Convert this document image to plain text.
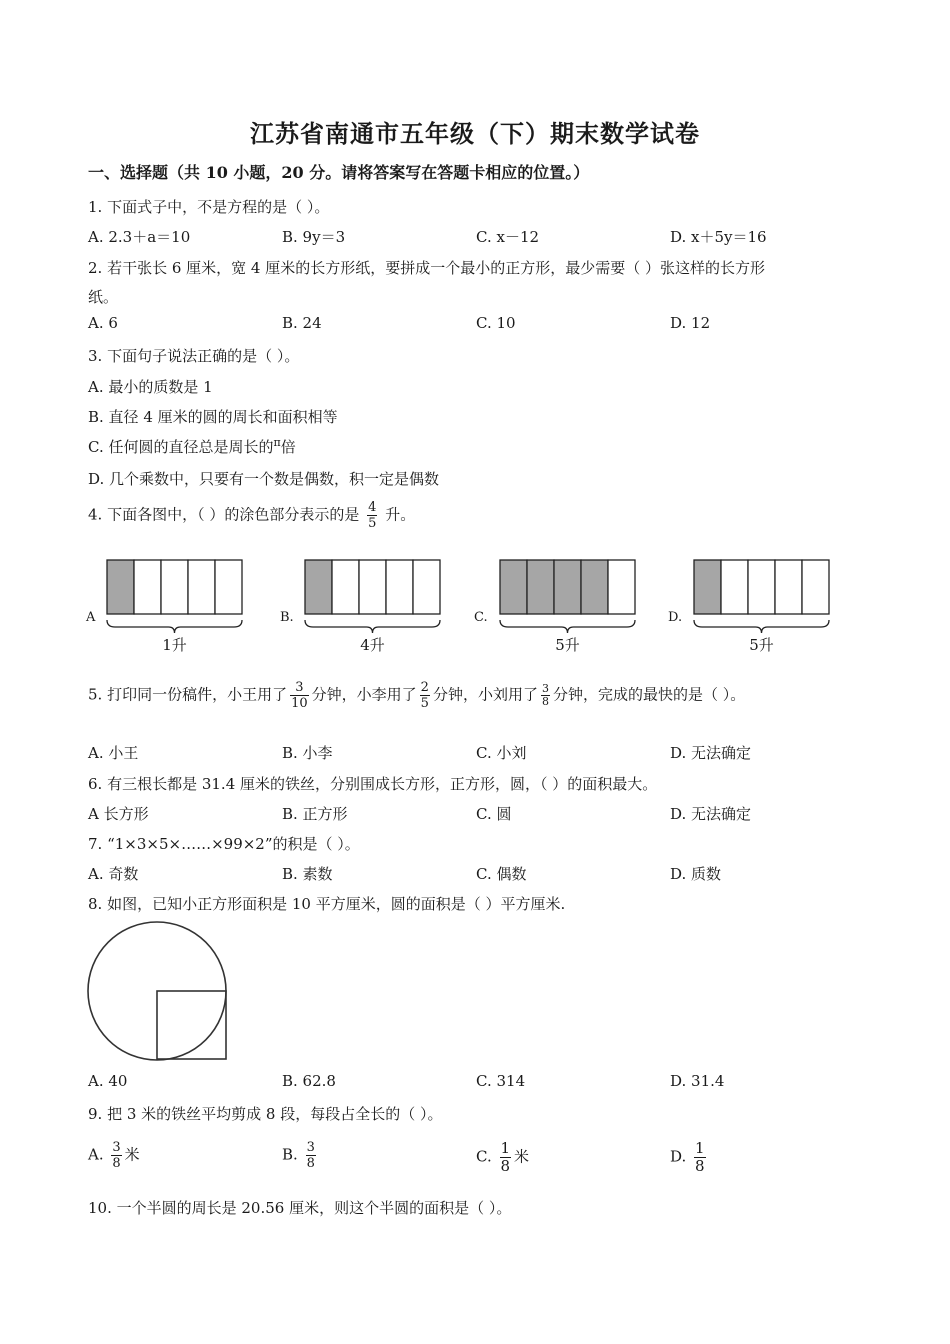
江苏省南通市五年级（下）期末数学试卷
一、选择题（共 10 小题，20 分。请将答案写在答题卡相应的位置。）
1. 下面式子中，不是方程的是（ ）。
A. 2.3＋a＝10	B. 9y＝3	C. x－12	D. x＋5y＝16
2. 若干张长 6 厘米，宽 4 厘米的长方形纸，要拼成一个最小的正方形，最少需要（ ）张这样的长方形
纸。
A. 6	B. 24	C. 10	D. 12
3. 下面句子说法正确的是（ ）。
A. 最小的质数是 1
B. 直径 4 厘米的圆的周长和面积相等
C. 任何圆的直径总是周长的$^\pi$倍
D. 几个乘数中，只要有一个数是偶数，积一定是偶数
4. 下面各图中，（ ）的涂色部分表示的是 $\frac{4}{5}$ 升。
1升
A
4升
B.
5升
C.
5升
D.
5. 打印同一份稿件，小王用了 $\frac{3}{10}$ 分钟，小李用了 $\frac{2}{5}$ 分钟，小刘用了 $\frac{3}{8}$ 分钟，完成的最快的是（ ）。
A. 小王	B. 小李	C. 小刘	D. 无法确定
6. 有三根长都是 31.4 厘米的铁丝，分别围成长方形，正方形，圆，（ ）的面积最大。
A 长方形	B. 正方形	C. 圆	D. 无法确定
7. “1×3×5×……×99×2”的积是（ ）。
A. 奇数	B. 素数	C. 偶数	D. 质数
8. 如图，已知小正方形面积是 10 平方厘米，圆的面积是（ ）平方厘米.
A. 40	B. 62.8	C. 314	D. 31.4
9. 把 3 米的铁丝平均剪成 8 段，每段占全长的（ ）。
A. $\frac{3}{8}$ 米	B. $\frac{3}{8}$	C. $\frac{1}{8}$ 米	D. $\frac{1}{8}$
10. 一个半圆的周长是 20.56 厘米，则这个半圆的面积是（ ）。
